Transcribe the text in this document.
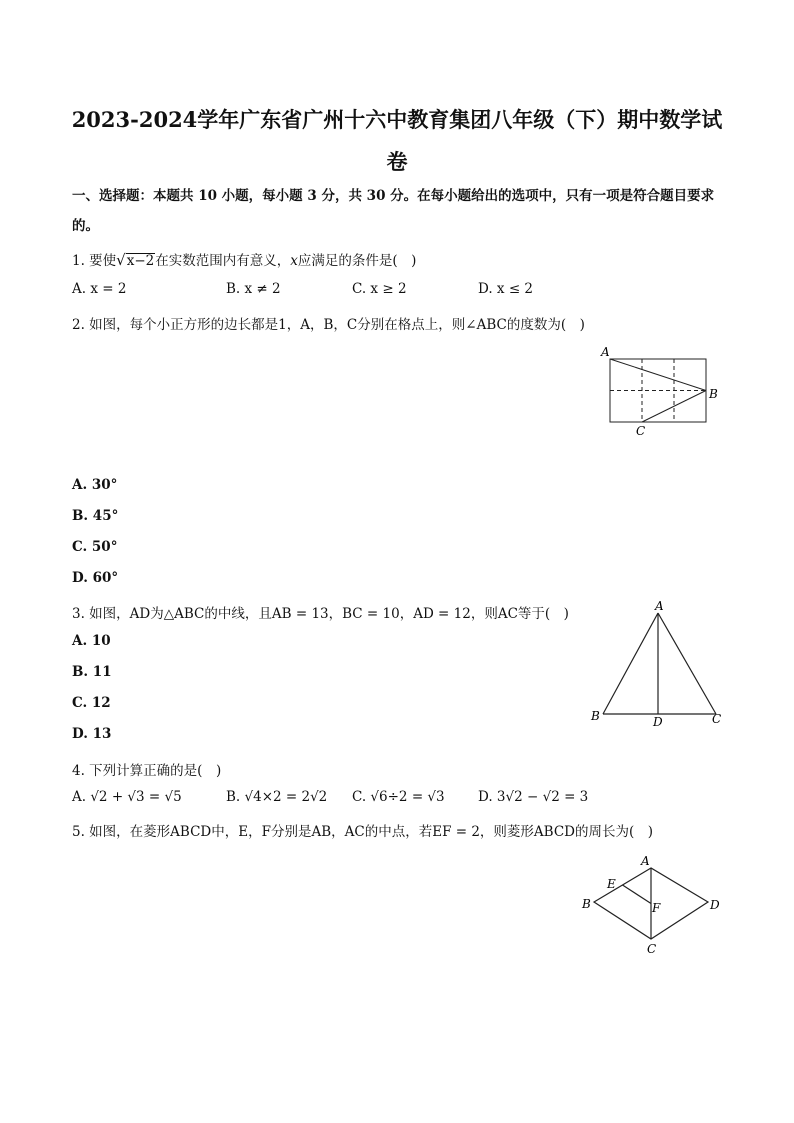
2023-2024学年广东省广州十六中教育集团八年级（下）期中数学试
卷
一、选择题：本题共 10 小题，每小题 3 分，共 30 分。在每小题给出的选项中，只有一项是符合题目要求
的。
1. 要使√x−2在实数范围内有意义，x应满足的条件是(　)
A. x = 2	B. x ≠ 2	C. x ≥ 2	D. x ≤ 2
2. 如图，每个小正方形的边长都是1，A，B，C分别在格点上，则∠ABC的度数为(　)
A
B
C
A. 30°
B. 45°
C. 50°
D. 60°
3. 如图，AD为△ABC的中线，且AB = 13，BC = 10，AD = 12，则AC等于(　)	A
B	D	C
A. 10
B. 11
C. 12
D. 13
4. 下列计算正确的是(　)
A. √2 + √3 = √5	B. √4×2 = 2√2 C. √6÷2 = √3 D. 3√2 − √2 = 3
5. 如图，在菱形ABCD中，E，F分别是AB，AC的中点，若EF = 2，则菱形ABCD的周长为(　)
A
B
C
D
E
F
